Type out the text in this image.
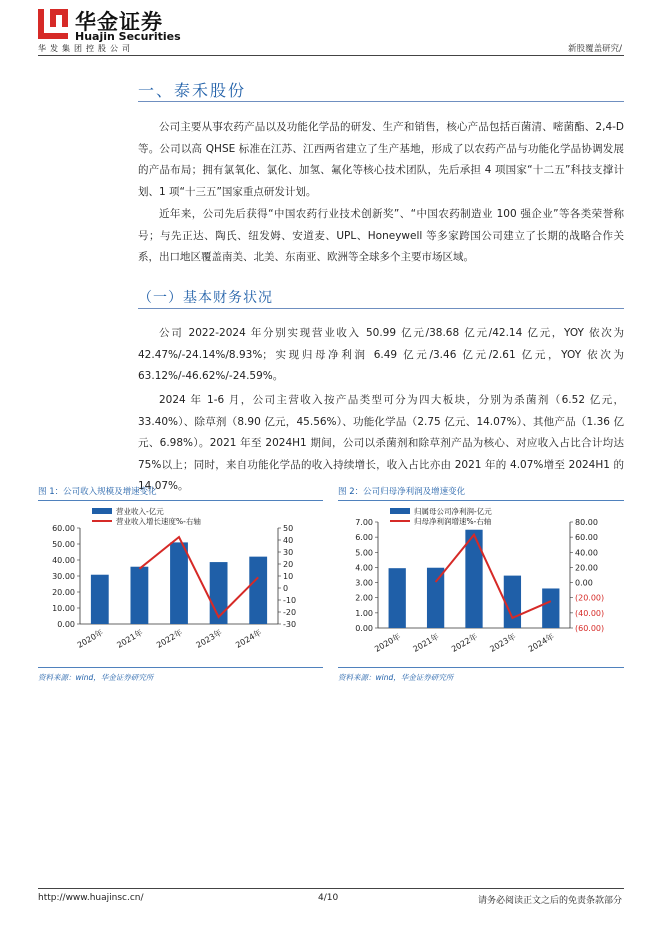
华金证券
Huajin Securities
华发集团控股公司	新股覆盖研究/
一、泰禾股份

公司主要从事农药产品以及功能化学品的研发、生产和销售，核心产品包括百菌清、嘧菌酯、2,4-D 等。公司以高 QHSE 标准在江苏、江西两省建立了生产基地，形成了以农药产品与功能化学品协调发展的产品布局；拥有氯氧化、氯化、加氢、氟化等核心技术团队，先后承担 4 项国家“十二五”科技支撑计划、1 项“十三五”国家重点研发计划。

近年来，公司先后获得“中国农药行业技术创新奖”、“中国农药制造业 100 强企业”等各类荣誉称号；与先正达、陶氏、纽发姆、安道麦、UPL、Honeywell 等多家跨国公司建立了长期的战略合作关系，出口地区覆盖南美、北美、东南亚、欧洲等全球多个主要市场区域。

（一）基本财务状况

公司 2022-2024 年分别实现营业收入 50.99 亿元/38.68 亿元/42.14 亿元，YOY 依次为42.47%/-24.14%/8.93%；实现归母净利润 6.49 亿元/3.46 亿元/2.61 亿元，YOY 依次为63.12%/-46.62%/-24.59%。

2024 年 1-6 月，公司主营收入按产品类型可分为四大板块，分别为杀菌剂（6.52 亿元，33.40%）、除草剂（8.90 亿元，45.56%）、功能化学品（2.75 亿元、14.07%）、其他产品（1.36 亿元、6.98%）。2021 年至 2024H1 期间，公司以杀菌剂和除草剂产品为核心、对应收入占比合计均达 75%以上；同时，来自功能化学品的收入持续增长，收入占比亦由 2021 年的 4.07%增至 2024H1 的 14.07%。

图 1：公司收入规模及增速变化
60.00
50.00
40.00
30.00
20.00
10.00
0.00
50
40
30
20
10
0
-10
-20
-30
2020年 2021年 2022年 2023年 2024年
营业收入-亿元
营业收入增长速度%-右轴
资料来源：wind，华金证券研究所
图 2：公司归母净利润及增速变化
7.00
6.00
5.00
4.00
3.00
2.00
1.00
0.00
80.00
60.00
40.00
20.00
0.00
(20.00)
(40.00)
(60.00)
2020年 2021年 2022年 2023年 2024年
归属母公司净利润-亿元
归母净利润增速%-右轴
资料来源：wind，华金证券研究所
http://www.huajinsc.cn/	4/10	请务必阅读正文之后的免责条款部分
